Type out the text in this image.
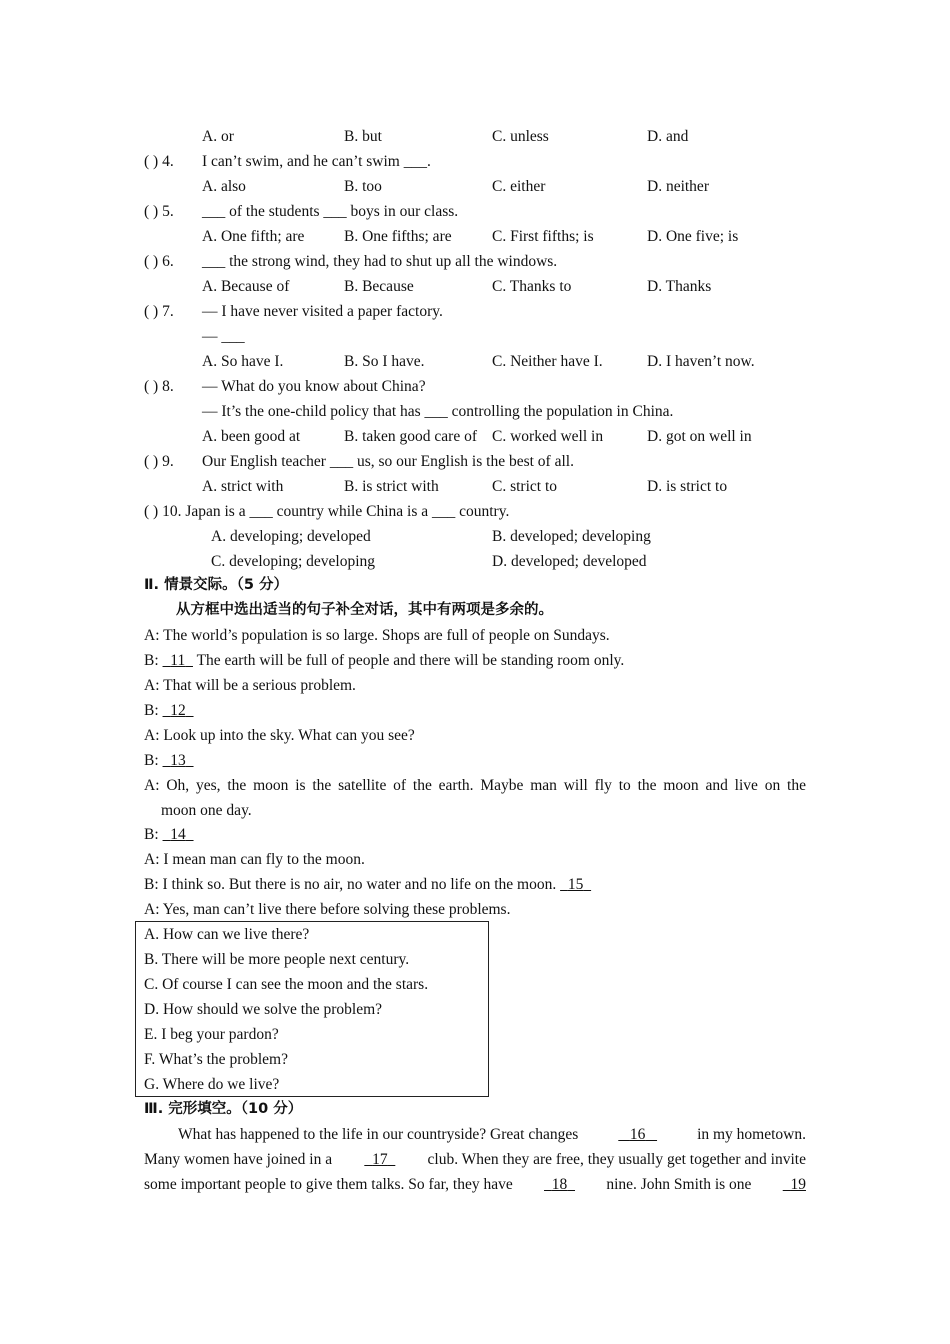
A. or	B. but	C. unless	D. and
( ) 4. I can’t swim, and he can’t swim ___.
A. also	B. too	C. either	D. neither
( ) 5. ___ of the students ___ boys in our class.
A. One fifth; are	B. One fifths; are	C. First fifths; is	D. One five; is
( ) 6. ___ the strong wind, they had to shut up all the windows.
A. Because of	B. Because	C. Thanks to	D. Thanks
( ) 7. — I have never visited a paper factory.
— ___
A. So have I.	B. So I have.	C. Neither have I.	D. I haven’t now.
( ) 8. — What do you know about China?
— It’s the one-child policy that has ___ controlling the population in China.
A. been good at	B. taken good care of C. worked well in	D. got on well in
( ) 9. Our English teacher ___ us, so our English is the best of all.
A. strict with	B. is strict with	C. strict to	D. is strict to
( ) 10. Japan is a ___ country while China is a ___ country.
A. developing; developed	B. developed; developing
C. developing; developing	D. developed; developed
Ⅱ. 情景交际。（5 分）
从方框中选出适当的句子补全对话，其中有两项是多余的。
A: The world’s population is so large. Shops are full of people on Sundays.
B:   11   The earth will be full of people and there will be standing room only.
A: That will be a serious problem.
B:   12
A: Look up into the sky. What can you see?
B:   13
A: Oh, yes, the moon is the satellite of the earth. Maybe man will fly to the moon and live on the
moon one day.
B:   14
A: I mean man can fly to the moon.
B: I think so. But there is no air, no water and no life on the moon.   15
A: Yes, man can’t live there before solving these problems.
A. How can we live there?
B. There will be more people next century.
C. Of course I can see the moon and the stars.
D. How should we solve the problem?
E. I beg your pardon?
F. What’s the problem?
G. Where do we live?
Ⅲ. 完形填空。（10 分）
What has happened to the life in our countryside? Great changes	16	in my hometown.
Many women have joined in a	17	club. When they are free, they usually get together and invite
some important people to give them talks. So far, they have	18	nine. John Smith is one	19
